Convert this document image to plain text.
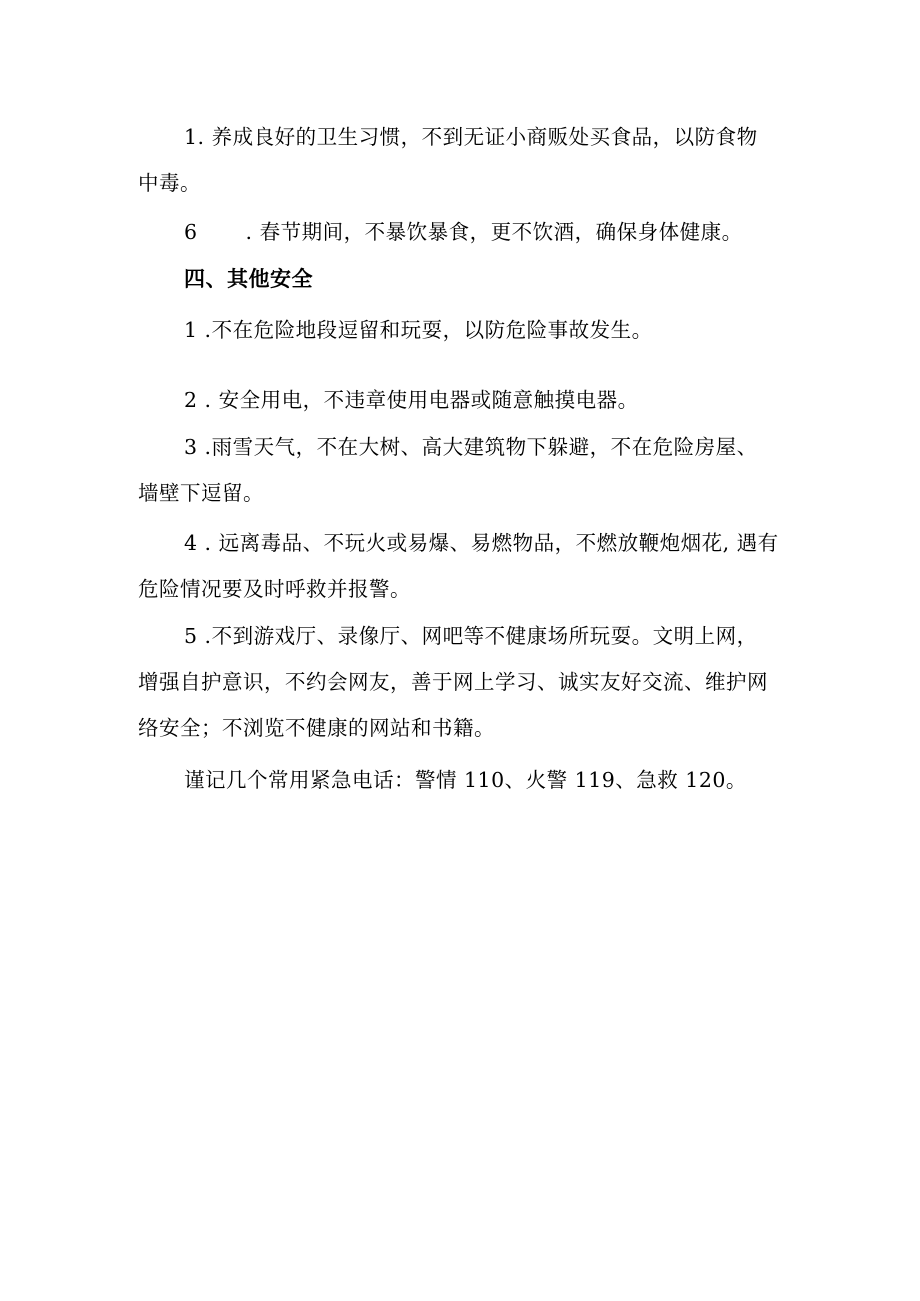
1. 养成良好的卫生习惯，不到无证小商贩处买食品，以防食物
中毒。

6 . 春节期间，不暴饮暴食，更不饮酒，确保身体健康。

四、其他安全

1 .不在危险地段逗留和玩耍，以防危险事故发生。

2 . 安全用电，不违章使用电器或随意触摸电器。

3 .雨雪天气，不在大树、高大建筑物下躲避，不在危险房屋、
墙壁下逗留。

4 . 远离毒品、不玩火或易爆、易燃物品，不燃放鞭炮烟花, 遇有
危险情况要及时呼救并报警。

5 .不到游戏厅、录像厅、网吧等不健康场所玩耍。文明上网，
增强自护意识，不约会网友，善于网上学习、诚实友好交流、维护网
络安全；不浏览不健康的网站和书籍。

谨记几个常用紧急电话：警情 110、火警 119、急救 120。
